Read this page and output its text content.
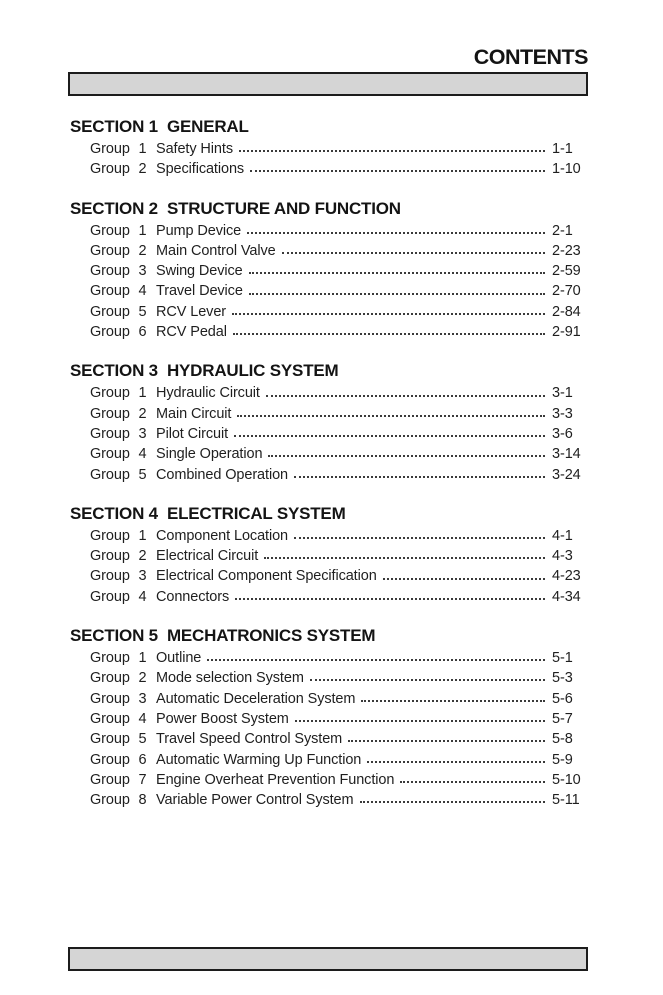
CONTENTS
SECTION 1 GENERAL
Group 1 Safety Hints	1-1
Group 2 Specifications	1-10
SECTION 2 STRUCTURE AND FUNCTION
Group 1 Pump Device	2-1
Group 2 Main Control Valve	2-23
Group 3 Swing Device	2-59
Group 4 Travel Device	2-70
Group 5 RCV Lever	2-84
Group 6 RCV Pedal	2-91
SECTION 3 HYDRAULIC SYSTEM
Group 1 Hydraulic Circuit	3-1
Group 2 Main Circuit	3-3
Group 3 Pilot Circuit	3-6
Group 4 Single Operation	3-14
Group 5 Combined Operation	3-24
SECTION 4 ELECTRICAL SYSTEM
Group 1 Component Location	4-1
Group 2 Electrical Circuit	4-3
Group 3 Electrical Component Specification	4-23
Group 4 Connectors	4-34
SECTION 5 MECHATRONICS SYSTEM
Group 1 Outline	5-1
Group 2 Mode selection System	5-3
Group 3 Automatic Deceleration System	5-6
Group 4 Power Boost System	5-7
Group 5 Travel Speed Control System	5-8
Group 6 Automatic Warming Up Function	5-9
Group 7 Engine Overheat Prevention Function	5-10
Group 8 Variable Power Control System	5-11
